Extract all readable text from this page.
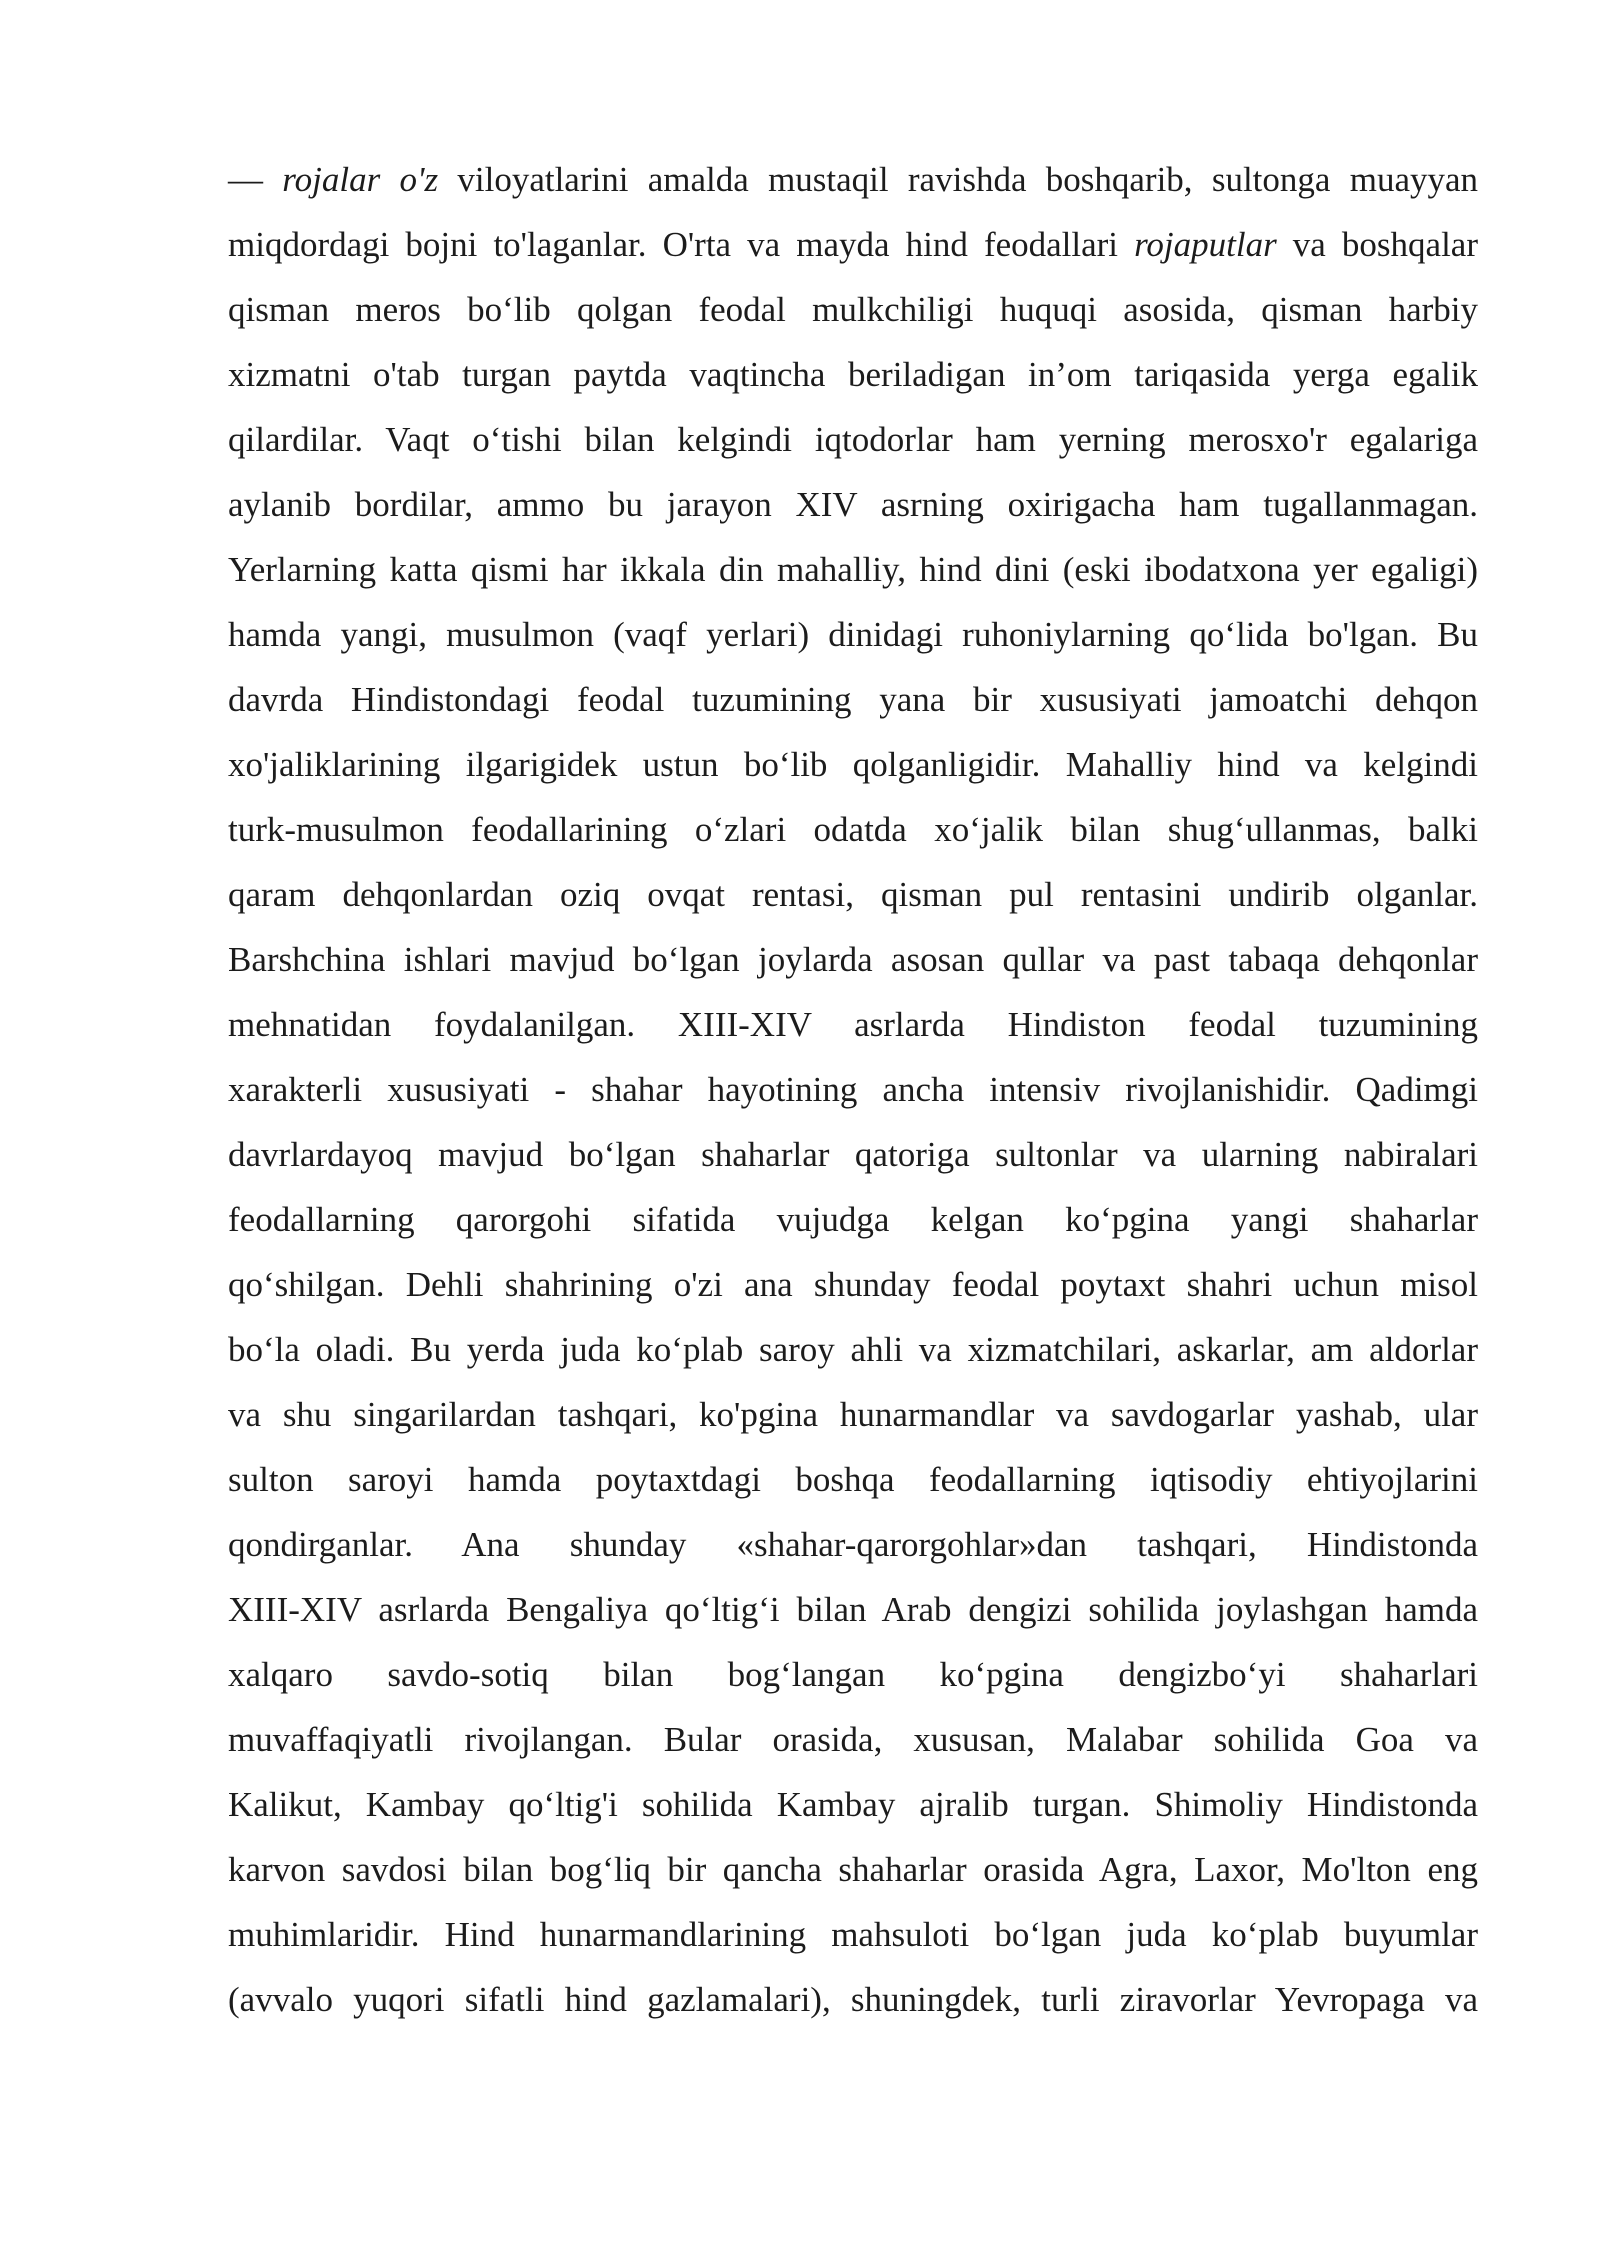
— rojalar o'z viloyatlarini amalda mustaqil ravishda boshqarib, sultonga muayyan
miqdordagi bojni to'laganlar. O'rta va mayda hind feodallari rojaputlar va boshqalar
qisman meros bo‘lib qolgan feodal mulkchiligi huquqi asosida, qisman harbiy
xizmatni o'tab turgan paytda vaqtincha beriladigan in’om tariqasida yerga egalik
qilardilar. Vaqt o‘tishi bilan kelgindi iqtodorlar ham yerning merosxo'r egalariga
aylanib bordilar, ammo bu jarayon XIV asrning oxirigacha ham tugallanmagan.
Yerlarning katta qismi har ikkala din mahalliy, hind dini (eski ibodatxona yer egaligi)
hamda yangi, musulmon (vaqf yerlari) dinidagi ruhoniylarning qo‘lida bo'lgan. Bu
davrda Hindistondagi feodal tuzumining yana bir xususiyati jamoatchi dehqon
xo'jaliklarining ilgarigidek ustun bo‘lib qolganligidir. Mahalliy hind va kelgindi
turk-musulmon feodallarining o‘zlari odatda xo‘jalik bilan shug‘ullanmas, balki
qaram dehqonlardan oziq ovqat rentasi, qisman pul rentasini undirib olganlar.
Barshchina ishlari mavjud bo‘lgan joylarda asosan qullar va past tabaqa dehqonlar
mehnatidan foydalanilgan. XIII-XIV asrlarda Hindiston feodal tuzumining
xarakterli xususiyati - shahar hayotining ancha intensiv rivojlanishidir. Qadimgi
davrlardayoq mavjud bo‘lgan shaharlar qatoriga sultonlar va ularning nabiralari
feodallarning qarorgohi sifatida vujudga kelgan ko‘pgina yangi shaharlar
qo‘shilgan. Dehli shahrining o'zi ana shunday feodal poytaxt shahri uchun misol
bo‘la oladi. Bu yerda juda ko‘plab saroy ahli va xizmatchilari, askarlar, am aldorlar
va shu singarilardan tashqari, ko'pgina hunarmandlar va savdogarlar yashab, ular
sulton saroyi hamda poytaxtdagi boshqa feodallarning iqtisodiy ehtiyojlarini
qondirganlar. Ana shunday «shahar-qarorgohlar»dan tashqari, Hindistonda
XIII-XIV asrlarda Bengaliya qo‘ltig‘i bilan Arab dengizi sohilida joylashgan hamda
xalqaro savdo-sotiq bilan bog‘langan ko‘pgina dengizbo‘yi shaharlari
muvaffaqiyatli rivojlangan. Bular orasida, xususan, Malabar sohilida Goa va
Kalikut, Kambay qo‘ltig'i sohilida Kambay ajralib turgan. Shimoliy Hindistonda
karvon savdosi bilan bog‘liq bir qancha shaharlar orasida Agra, Laxor, Mo'lton eng
muhimlaridir. Hind hunarmandlarining mahsuloti bo‘lgan juda ko‘plab buyumlar
(avvalo yuqori sifatli hind gazlamalari), shuningdek, turli ziravorlar Yevropaga va
